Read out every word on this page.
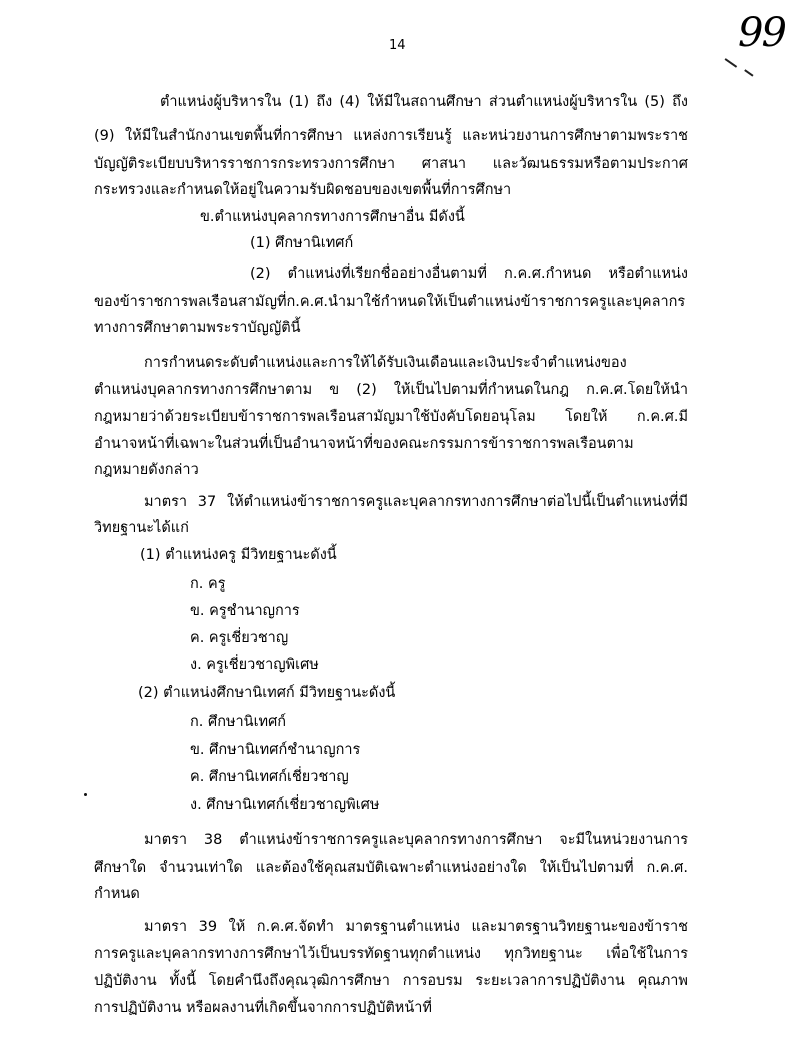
14	99
ตำแหน่งผู้บริหารใน (1) ถึง (4) ให้มีในสถานศึกษา ส่วนตำแหน่งผู้บริหารใน (5) ถึง
(9) ให้มีในสำนักงานเขตพื้นที่การศึกษา แหล่งการเรียนรู้ และหน่วยงานการศึกษาตามพระราช
บัญญัติระเบียบบริหารราชการกระทรวงการศึกษา ศาสนา และวัฒนธรรมหรือตามประกาศ
กระทรวงและกำหนดให้อยู่ในความรับผิดชอบของเขตพื้นที่การศึกษา
ข.ตำแหน่งบุคลากรทางการศึกษาอื่น มีดังนี้
(1) ศึกษานิเทศก์
(2) ตำแหน่งที่เรียกชื่ออย่างอื่นตามที่ ก.ค.ศ.กำหนด หรือตำแหน่ง
ของข้าราชการพลเรือนสามัญที่ก.ค.ศ.นำมาใช้กำหนดให้เป็นตำแหน่งข้าราชการครูและบุคลากร
ทางการศึกษาตามพระราบัญญัตินี้
การกำหนดระดับตำแหน่งและการให้ได้รับเงินเดือนและเงินประจำตำแหน่งของ
ตำแหน่งบุคลากรทางการศึกษาตาม ข (2) ให้เป็นไปตามที่กำหนดในกฎ ก.ค.ศ.โดยให้นำ
กฎหมายว่าด้วยระเบียบข้าราชการพลเรือนสามัญมาใช้บังคับโดยอนุโลม โดยให้ ก.ค.ศ.มี
อำนาจหน้าที่เฉพาะในส่วนที่เป็นอำนาจหน้าที่ของคณะกรรมการข้าราชการพลเรือนตาม
กฎหมายดังกล่าว
มาตรา 37 ให้ตำแหน่งข้าราชการครูและบุคลากรทางการศึกษาต่อไปนี้เป็นตำแหน่งที่มี
วิทยฐานะได้แก่
(1) ตำแหน่งครู มีวิทยฐานะดังนี้
ก. ครู
ข. ครูชำนาญการ
ค. ครูเชี่ยวชาญ
ง. ครูเชี่ยวชาญพิเศษ
(2) ตำแหน่งศึกษานิเทศก์ มีวิทยฐานะดังนี้
ก. ศึกษานิเทศก์
ข. ศึกษานิเทศก์ชำนาญการ
ค. ศึกษานิเทศก์เชี่ยวชาญ
ง. ศึกษานิเทศก์เชี่ยวชาญพิเศษ
มาตรา 38 ตำแหน่งข้าราชการครูและบุคลากรทางการศึกษา จะมีในหน่วยงานการ
ศึกษาใด จำนวนเท่าใด และต้องใช้คุณสมบัติเฉพาะตำแหน่งอย่างใด ให้เป็นไปตามที่ ก.ค.ศ.
กำหนด
มาตรา 39 ให้ ก.ค.ศ.จัดทำ มาตรฐานตำแหน่ง และมาตรฐานวิทยฐานะของข้าราช
การครูและบุคลากรทางการศึกษาไว้เป็นบรรทัดฐานทุกตำแหน่ง ทุกวิทยฐานะ เพื่อใช้ในการ
ปฏิบัติงาน ทั้งนี้ โดยคำนึงถึงคุณวุฒิการศึกษา การอบรม ระยะเวลาการปฏิบัติงาน คุณภาพ
การปฏิบัติงาน หรือผลงานที่เกิดขึ้นจากการปฏิบัติหน้าที่
